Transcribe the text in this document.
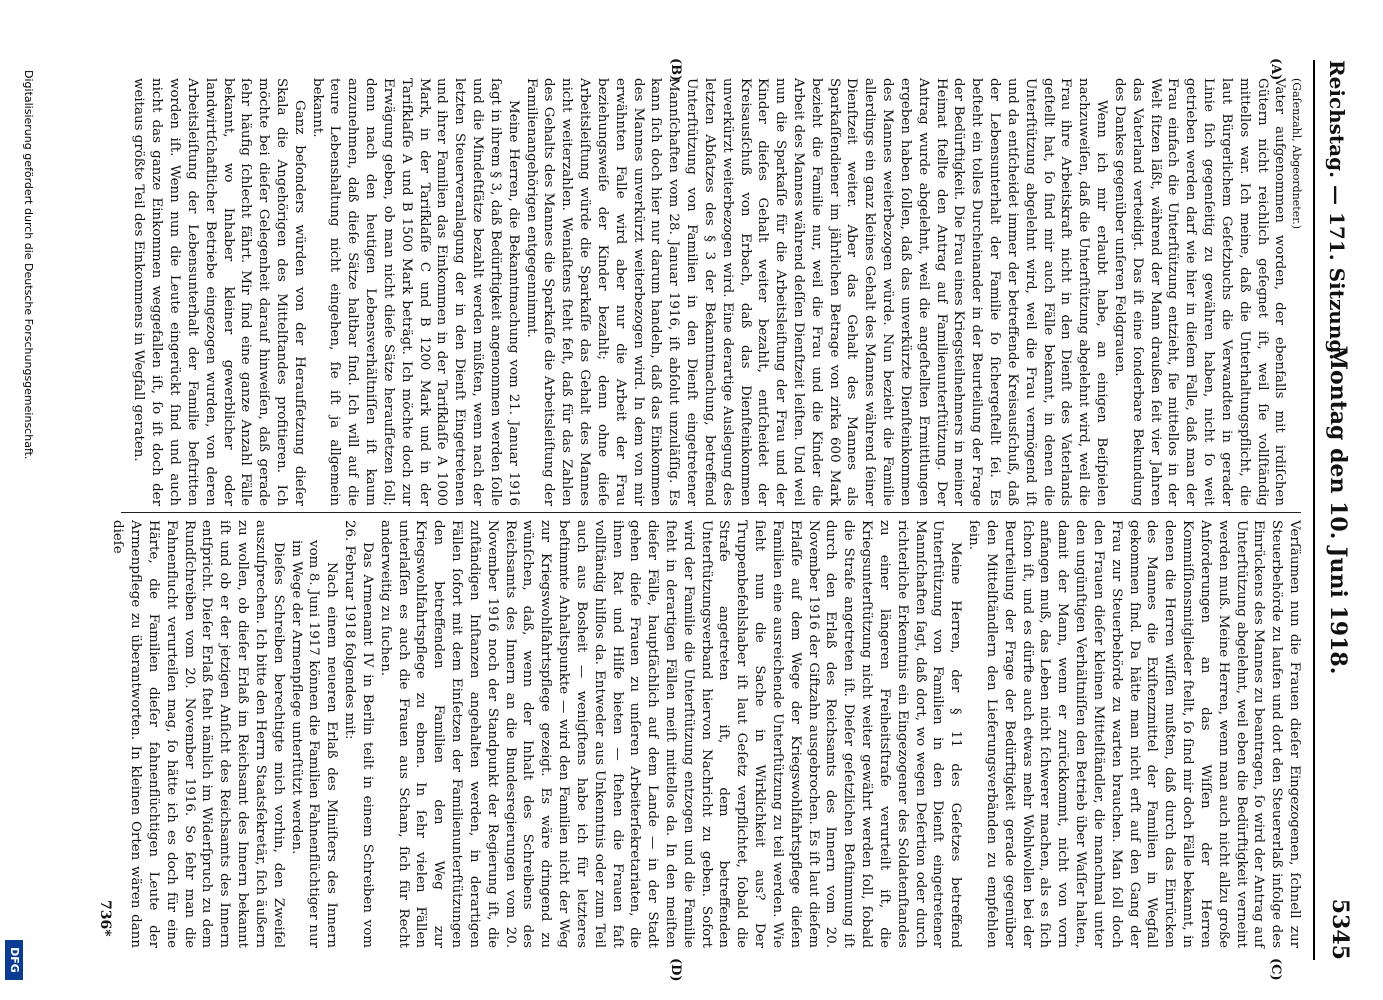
Reichstag. — 171. Sitzung.
Montag den 10. Juni 1918.
5345
(A)
(B)
(C)
(D)

(Gaſenzahl, Abgeordneter.)

Vater aufgenommen worden, der ebenfalls mit irdiſchen Gütern nicht reichlich geſegnet iſt, weil ſie vollſtändig mittellos war. Ich meine, daß die Unterhaltungspflicht, die laut Bürgerlichem Geſetzbuchs die Verwandten in gerader Linie ſich gegenſeitig zu gewähren haben, nicht ſo weit getrieben werden darf wie hier in dieſem Falle, daß man der Frau einfach die Unterſtützung entzieht, ſie mittellos in der Welt ſitzen läßt, während der Mann draußen ſeit vier Jahren das Vaterland verteidigt. Das iſt eine ſonderbare Bekundung des Dankes gegenüber unſeren Feldgrauen.

Wenn ich mir erlaubt habe, an einigen Beiſpielen nachzuweiſen, daß die Unterſtützung abgelehnt wird, weil die Frau ihre Arbeitskraft nicht in den Dienſt des Vaterlands geſtellt hat, ſo ſind mir auch Fälle bekannt, in denen die Unterſtützung abgelehnt wird, weil die Frau vermögend iſt und da entſcheidet immer der betreffende Kreisausſchuß, daß der Lebensunterhalt der Familie ſo ſichergeſtellt ſei. Es beſteht ein tolles Durcheinander in der Beurteilung der Frage der Bedürftigkeit. Die Frau eines Kriegsteilnehmers in meiner Heimat ſtellte den Antrag auf Familienunterſtützung. Der Antrag wurde abgelehnt, weil die angeſtellten Ermittlungen ergeben haben ſollen, daß das unverkürzte Dienſteinkommen des Mannes weiterbezogen würde. Nun bezieht die Familie allerdings ein ganz kleines Gehalt des Mannes während ſeiner Dienſtzeit weiter. Aber das Gehalt des Mannes als Sparkaſſendiener im jährlichen Betrage von zirka 600 Mark bezieht die Familie nur, weil die Frau und die Kinder die Arbeit des Mannes während deſſen Dienſtzeit leiſten. Und weil nun die Sparkaſſe für die Arbeitsleiſtung der Frau und der Kinder dieſes Gehalt weiter bezahlt, entſcheidet der Kreisausſchuß von Erbach, daß das Dienſteinkommen unverkürzt weiterbezogen wird. Eine derartige Auslegung des letzten Abſatzes des § 3 der Bekanntmachung, betreffend Unterſtützung von Familien in den Dienſt eingetretener Mannſchaften vom 28. Januar 1916, iſt abſolut unzuläſſig. Es kann ſich doch hier nur darum handeln, daß das Einkommen des Mannes unverkürzt weiterbezogen wird. In dem von mir erwähnten Falle wird aber nur die Arbeit der Frau beziehungsweiſe der Kinder bezahlt; denn ohne dieſe Arbeitsleiſtung würde die Sparkaſſe das Gehalt des Mannes nicht weiterzahlen. Weniaſtens ſteht feſt, daß für das Zahlen des Gehalts des Mannes die Sparkaſſe die Arbeitsleiſtung der Familienangehörigen entgegennimmt.

Meine Herren, die Bekanntmachung vom 21. Januar 1916 ſagt in ihrem § 3, daß Bedürftigkeit angenommen werden ſolle und die Mindeſtſätze bezahlt werden müßten, wenn nach der letzten Steuerveranlagung der in den Dienſt Eingetretenen und ihrer Familien das Einkommen in der Tarifklaſſe A 1000 Mark, in der Tarifklaſſe C und B 1200 Mark und in der Tarifklaſſe A und B 1500 Mark beträgt. Ich möchte doch zur Erwägung geben, ob man nicht dieſe Sätze heraufſetzen ſoll; denn nach den heutigen Lebensverhältniſſen iſt kaum anzunehmen, daß dieſe Sätze haltbar ſind. Ich will auf die teure Lebenshaltung nicht eingehen, ſie iſt ja allgemein bekannt.

Ganz beſonders würden von der Heraufſetzung dieſer Skala die Angehörigen des Mittelſtandes profitieren. Ich möchte bei dieſer Gelegenheit darauf hinweiſen, daß gerade ſehr häufig ſchlecht fährt. Mir ſind eine ganze Anzahl Fälle bekannt, wo Inhaber kleiner gewerblicher oder landwirtſchaftlicher Betriebe eingezogen wurden, von deren Arbeitsleiſtung der Lebensunterhalt der Familie beſtritten worden iſt. Wenn nun die Leute eingerückt ſind und auch nicht das ganze Einkommen weggefallen iſt, ſo iſt doch der weitaus größte Teil des Einkommens in Wegfall geraten.

Verſäumen nun die Frauen dieſer Eingezogenen, ſchnell zur Steuerbehörde zu laufen und dort den Steuererlaß infolge des Einrückens des Mannes zu beantragen, ſo wird der Antrag auf Unterſtützung abgelehnt, weil eben die Bedürftigkeit verneint werden muß. Meine Herren, wenn man auch nicht allzu große Anforderungen an das Wiſſen der Herren Kommiſſionsmitglieder ſtellt, ſo ſind mir doch Fälle bekannt, in denen die Herren wiſſen mußten, daß durch das Einrücken des Mannes die Exiſtenzmittel der Familien in Wegfall gekommen ſind. Da hätte man nicht erſt auf den Gang der Frau zur Steuerbehörde zu warten brauchen. Man ſoll doch den Frauen dieſer kleinen Mittelſtändler, die manchmal unter den ungünſtigen Verhältniſſen den Betrieb über Waſſer halten, damit der Mann, wenn er zurückkommt, nicht von vorn anfangen muß, das Leben nicht ſchwerer machen, als es ſich ſchon iſt, und es dürfte auch etwas mehr Wohlwollen bei der Beurteilung der Frage der Bedürftigkeit gerade gegenüber den Mittelſtändlern den Lieferungsverbänden zu empfehlen ſein.

Meine Herren, der § 11 des Geſetzes betreffend Unterſtützung von Familien in den Dienſt eingetretener Mannſchaften ſagt, daß dort, wo wegen Deſertion oder durch richterliche Erkenntnis ein Eingezogener des Soldatenſtandes zu einer längeren Freiheitsſtrafe verurteilt iſt, die Kriegsunterſtützung nicht weiter gewährt werden ſoll, ſobald die Strafe angetreten iſt. Dieſer geſetzlichen Beſtimmung iſt durch den Erlaß des Reichsamts des Innern vom 20. November 1916 der Giftzahn ausgebrochen. Es iſt laut dieſem Erlaſſe auf dem Wege der Kriegswohlfahrtspflege dieſen Familien eine ausreichende Unterſtützung zu teil werden. Wie ſieht nun die Sache in Wirklichkeit aus? Der Truppenbefehlshaber iſt laut Geſetz verpflichtet, ſobald die Strafe angetreten iſt, dem betreffenden Unterſtützungsverband hiervon Nachricht zu geben. Sofort wird der Familie die Unterſtützung entzogen und die Familie ſteht in derartigen Fällen meiſt mittellos da. In den meiſten dieſer Fälle, hauptſächlich auf dem Lande — in der Stadt gehen dieſe Frauen zu unſeren Arbeiterſekretariaten, die ihnen Rat und Hilfe bieten — ſtehen die Frauen faſt vollſtändig hilflos da. Entweder aus Unkenntnis oder zum Teil auch aus Bosheit — wenigſtens habe ich für letzteres beſtimmte Anhaltspunkte — wird den Familien nicht der Weg zur Kriegswohlfahrtspflege gezeigt. Es wäre dringend zu wünſchen, daß, wenn der Inhalt des Schreibens des Reichsamts des Innern an die Bundesregierungen vom 20. November 1916 noch der Standpunkt der Regierung iſt, die zuſtändigen Inſtanzen angehalten werden, in derartigen Fällen ſofort mit dem Einſetzen der Familienunterſtützungen den betreffenden Familien den Weg zur Kriegswohlfahrtspflege zu ebnen. In ſehr vielen Fällen unterlaſſen es auch die Frauen aus Scham, ſich für Recht anderweitig zu ſuchen.

Das Armenamt IV in Berlin teilt in einem Schreiben vom 26. Februar 1918 folgendes mit:

Nach einem neueren Erlaß des Miniſters des Innern vom 8. Juni 1917 können die Familien Fahnenflüchtiger nur im Wege der Armenpflege unterſtützt werden.

Dieſes Schreiben berechtigte mich vorhin, den Zweifel auszuſprechen. Ich bitte den Herrn Staatsſekretär, ſich äußern zu wollen, ob dieſer Erlaß im Reichsamt des Innern bekannt iſt und ob er der jetzigen Anſicht des Reichsamts des Innern entſpricht. Dieſer Erlaß ſteht nämlich im Widerſpruch zu dem Rundſchreiben vom 20. November 1916. So ſehr man die Fahnenflucht verurteilen mag, ſo hätte ich es doch für eine Härte, die Familien dieſer fahnenflüchtigen Leute der Armenpflege zu überantworten. In kleinen Orten wären dann dieſe

736*
Digitalisierung gefördert durch die Deutsche Forschungsgemeinschaft.
DFG
